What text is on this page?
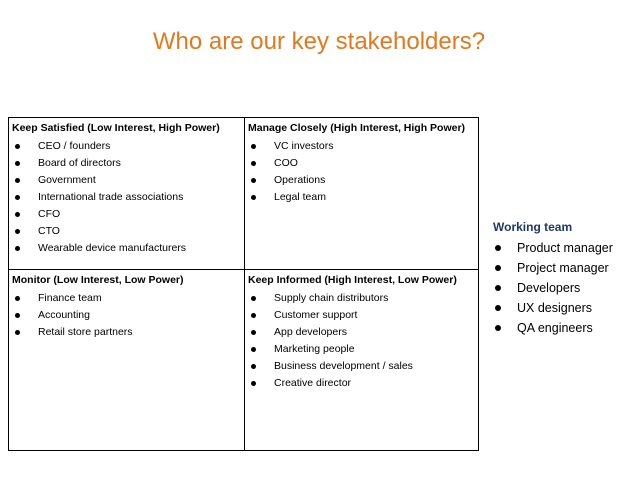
Who are our key stakeholders?
Keep Satisfied (Low Interest, High Power)
CEO / founders
Board of directors
Government
International trade associations
CFO
CTO
Wearable device manufacturers
Manage Closely (High Interest, High Power)
VC investors
COO
Operations
Legal team
Monitor (Low Interest, Low Power)
Finance team
Accounting
Retail store partners
Keep Informed (High Interest, Low Power)
Supply chain distributors
Customer support
App developers
Marketing people
Business development / sales
Creative director
Working team
Product manager
Project manager
Developers
UX designers
QA engineers
